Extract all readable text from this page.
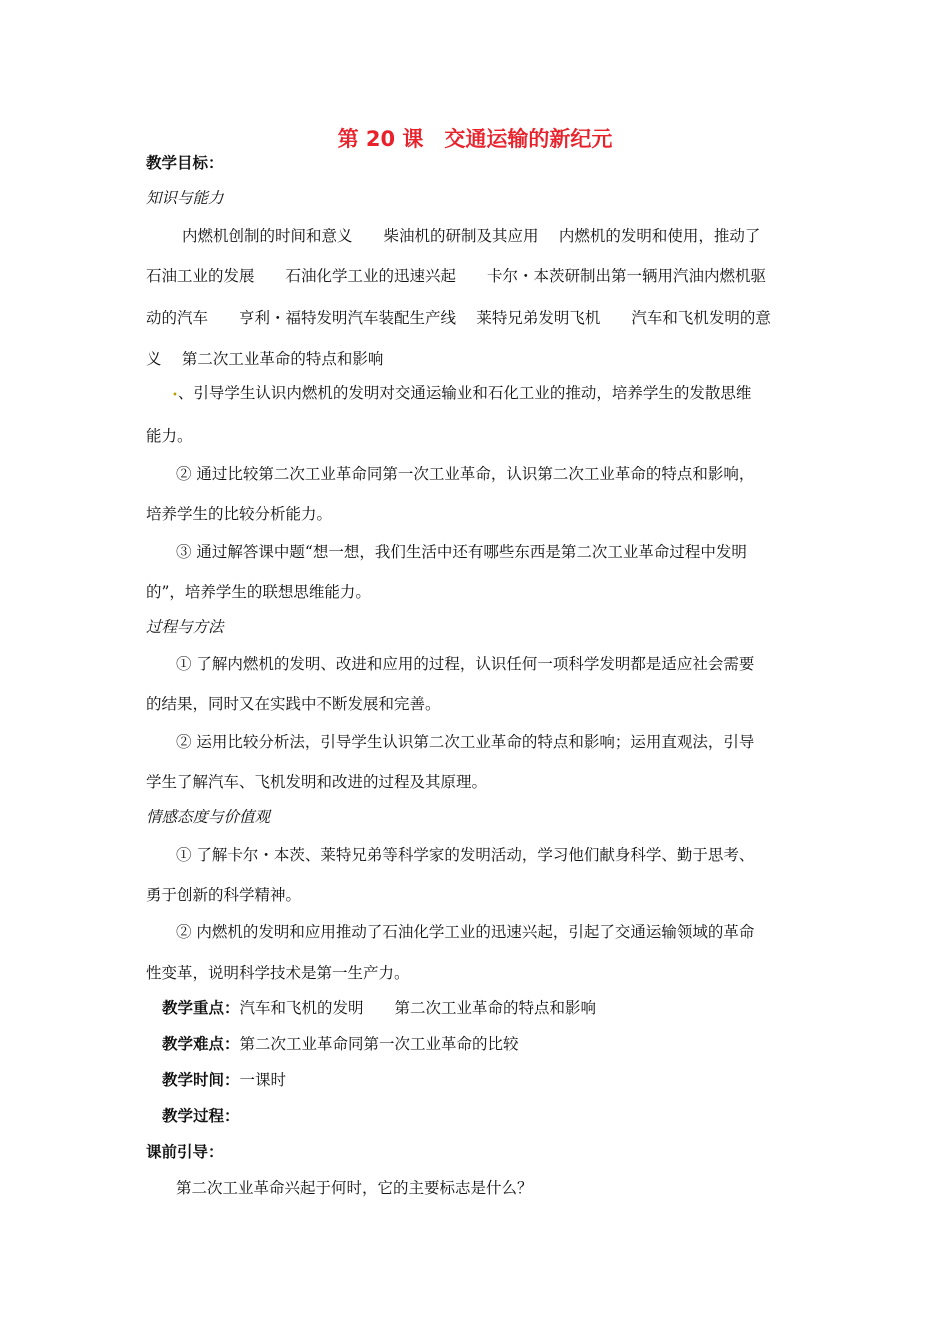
第 20 课　交通运输的新纪元
教学目标：
知识与能力
内燃机创制的时间和意义　　柴油机的研制及其应用　 内燃机的发明和使用，推动了
石油工业的发展　　石油化学工业的迅速兴起　　卡尔・本茨研制出第一辆用汽油内燃机驱
动的汽车　　亨利・福特发明汽车装配生产线　 莱特兄弟发明飞机　　汽车和飞机发明的意
义　 第二次工业革命的特点和影响
•、引导学生认识内燃机的发明对交通运输业和石化工业的推动，培养学生的发散思维
能力。
② 通过比较第二次工业革命同第一次工业革命，认识第二次工业革命的特点和影响，
培养学生的比较分析能力。
③ 通过解答课中题“想一想，我们生活中还有哪些东西是第二次工业革命过程中发明
的”，培养学生的联想思维能力。
过程与方法
① 了解内燃机的发明、改进和应用的过程，认识任何一项科学发明都是适应社会需要
的结果，同时又在实践中不断发展和完善。
② 运用比较分析法，引导学生认识第二次工业革命的特点和影响；运用直观法，引导
学生了解汽车、飞机发明和改进的过程及其原理。
情感态度与价值观
① 了解卡尔・本茨、莱特兄弟等科学家的发明活动，学习他们献身科学、勤于思考、
勇于创新的科学精神。
② 内燃机的发明和应用推动了石油化学工业的迅速兴起，引起了交通运输领域的革命
性变革，说明科学技术是第一生产力。
教学重点：汽车和飞机的发明　　第二次工业革命的特点和影响
教学难点：第二次工业革命同第一次工业革命的比较
教学时间：一课时
教学过程：
课前引导：
第二次工业革命兴起于何时，它的主要标志是什么？
